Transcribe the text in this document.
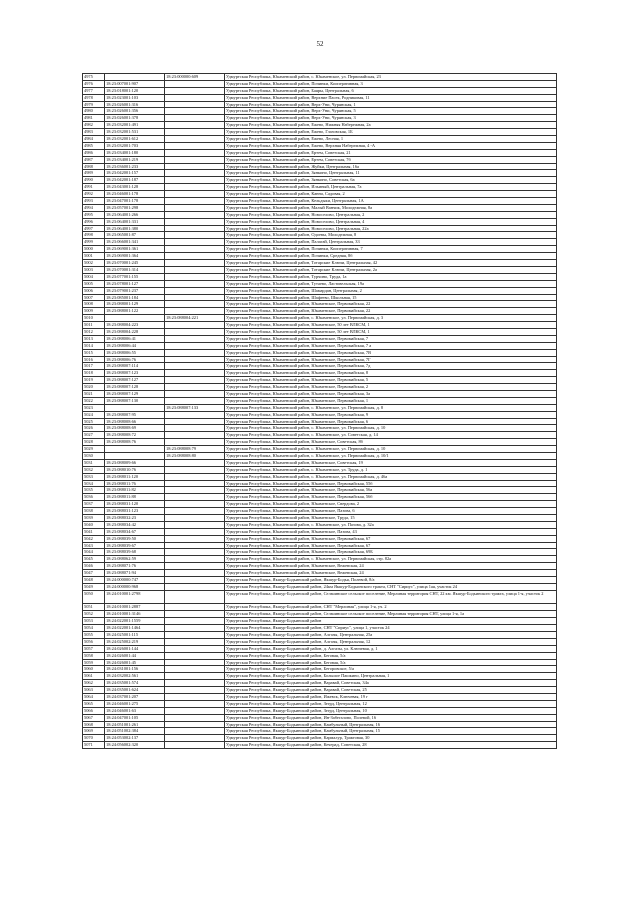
52
4975		18:23:000000:609	Удмуртская Республика, Юкаменский район, с. Юкаменское, ул. Первомайская, 23
4976	18:23:007001:907		Удмуртская Республика, Юкаменский район, Починки, Кооперативная, 3
4977	18:23:018001:120		Удмуртская Республика, Юкаменский район, Баяры, Центральная, 6
4978	18:23:023001:103		Удмуртская Республика, Юкаменский район, Верхние Пасек, Родниковая, 11
4979	18:23:026001:316		Удмуртская Республика, Юкаменский район, Верх-Уни, Чурянская, 1
4980	18:23:026001:356		Удмуртская Республика, Юкаменский район, Верх-Уни, Чурянская, 5
4981	18:23:026001:378		Удмуртская Республика, Юкаменский район, Верх-Уни, Чурянская, 3
4982	18:23:032001:491		Удмуртская Республика, Юкаменский район, Ежево, Нижняя Набережная, 2а
4983	18:23:032001:531		Удмуртская Республика, Юкаменский район, Ежево, Глазовская, 1Б
4984	18:23:032001:612		Удмуртская Республика, Юкаменский район, Ежево, Лесная, 1
4985	18:23:032001:703		Удмуртская Республика, Юкаменский район, Ежево, Верхняя Набережная, 4 -А
4986	18:23:034001:180		Удмуртская Республика, Юкаменский район, Ертем, Советская, 21
4987	18:23:034001:219		Удмуртская Республика, Юкаменский район, Ертем, Советская, 7б
4988	18:23:036001:233		Удмуртская Республика, Юкаменский район, Жуйки, Центральная, 16а
4989	18:23:042001:157		Удмуртская Республика, Юкаменский район, Зянкино, Центральная, 11
4990	18:23:042001:187		Удмуртская Республика, Юкаменский район, Зянкино, Советская, 6а
4991	18:23:043001:128		Удмуртская Республика, Юкаменский район, Ильиный, Центральная, 7а
4992	18:23:046001:178		Удмуртская Республика, Юкаменский район, Канна, Садовая, 2
4993	18:23:047001:178		Удмуртская Республика, Юкаменский район, Кельдыки, Центральная, 1А
4994	18:23:057001:298		Удмуртская Республика, Юкаменский район, Малый Ванчик, Молодежная, 8а
4995	18:23:064001:266		Удмуртская Республика, Юкаменский район, Новоселово, Центральная, 2
4996	18:23:064001:331		Удмуртская Республика, Юкаменский район, Новоселово, Центральная, 4
4997	18:23:064001:380		Удмуртская Республика, Юкаменский район, Новоселово, Центральная, 22а
4998	18:23:065001:87		Удмуртская Республика, Юкаменский район, Одоевы, Молодежная, 8
4999	18:23:066001:341		Удмуртская Республика, Юкаменский район, Палагай, Центральная, 33
5000	18:23:069001:361		Удмуртская Республика, Юкаменский район, Починки, Кооперативная, 7
5001	18:23:069001:364		Удмуртская Республика, Юкаменский район, Починки, Средняя, 8б
5002	18:23:070001:245		Удмуртская Республика, Юкаменский район, Тотарские Ключи, Центральная, 42
5003	18:23:070001:314		Удмуртская Республика, Юкаменский район, Тотарские Ключи, Центральная, 2а
5004	18:23:077001:155		Удмуртская Республика, Юкаменский район, Турчино, Труда, 1а
5005	18:23:078001:127		Удмуртская Республика, Юкаменский район, Тутаево, Ластовельская, 19а
5006	18:23:079001:237		Удмуртская Республика, Юкаменский район, Шамардан, Центральная, 2
5007	18:23:085001:184		Удмуртская Республика, Юкаменский район, Шафеево, Школьная, 15
5008	18:23:088001:129		Удмуртская Республика, Юкаменский район, Юкаменское, Первомайская, 22
5009	18:23:088001:122		Удмуртская Республика, Юкаменский район, Юкаменское, Первомайская, 22
5010		18:23:088004:221	Удмуртская Республика, Юкаменский район, с. Юкаменское, ул. Первомайская, д. 3
5011	18:23:088004:223		Удмуртская Республика, Юкаменский район, Юкаменское, 50 лет ВЛКСМ, 1
5012	18:23:088004:228		Удмуртская Республика, Юкаменский район, Юкаменское, 50 лет ВЛКСМ, 1
5013	18:23:088006:41		Удмуртская Республика, Юкаменский район, Юкаменское, Первомайская, 7
5014	18:23:088006:44		Удмуртская Республика, Юкаменский район, Юкаменское, Первомайская, 7 а
5015	18:23:088006:55		Удмуртская Республика, Юкаменский район, Юкаменское, Первомайская, 7В
5016	18:23:088006:76		Удмуртская Республика, Юкаменский район, Юкаменское, Первомайская, 7Г
5017	18:23:088007:114		Удмуртская Республика, Юкаменский район, Юкаменское, Первомайская, 7д
5018	18:23:088007:123		Удмуртская Республика, Юкаменский район, Юкаменское, Первомайская, 8
5019	18:23:088007:127		Удмуртская Республика, Юкаменский район, Юкаменское, Первомайская, 5
5020	18:23:088007:128		Удмуртская Республика, Юкаменский район, Юкаменское, Первомайская, 2
5021	18:23:088007:129		Удмуртская Республика, Юкаменский район, Юкаменское, Первомайская, 3а
5022	18:23:088007:130		Удмуртская Республика, Юкаменский район, Юкаменское, Первомайская, 1
5023		18:23:088007:133	Удмуртская Республика, Юкаменский район, с. Юкаменское, ул. Первомайская, д. 8
5024	18:23:088007:95		Удмуртская Республика, Юкаменский район, Юкаменское, Первомайская, 9
5025	18:23:088008:66		Удмуртская Республика, Юкаменский район, Юкаменское, Первомайская, 6
5026	18:23:088008:69		Удмуртская Республика, Юкаменский район, с. Юкаменское, ул. Первомайская, д. 10
5027	18:23:088008:72		Удмуртская Республика, Юкаменский район, с. Юкаменское, ул. Советская, д. 14
5028	18:23:088008:76		Удмуртская Республика, Юкаменский район, Юкаменское, Советская, 8б
5029		18:23:088008:79	Удмуртская Республика, Юкаменский район, с. Юкаменское, ул. Первомайская, д. 10
5030		18:23:088008:80	Удмуртская Республика, Юкаменский район, с. Юкаменское, ул. Первомайская, д. 10/1
5031	18:23:088009:66		Удмуртская Республика, Юкаменский район, Юкаменское, Советская, 19
5032	18:23:088010:76		Удмуртская Республика, Юкаменский район, с. Юкаменское, ул. Труда, д. 1
5033	18:23:088011:120		Удмуртская Республика, Юкаменский район, с. Юкаменское, ул. Первомайская, д. 46а
5034	18:23:088011:76		Удмуртская Республика, Юкаменский район, Юкаменское, Первомайская, 55б
5035	18:23:088011:82		Удмуртская Республика, Юкаменский район, Юкаменское, Первомайская, 56а
5036	18:23:088011:88		Удмуртская Республика, Юкаменский район, Юкаменское, Первомайская, 56б
5037	18:23:088031:120		Удмуртская Республика, Юкаменский район, Юкаменское, Свердова, 2
5038	18:23:088031:123		Удмуртская Республика, Юкаменский район, Юкаменское, Пазова, 6
5039	18:23:088032:23		Удмуртская Республика, Юкаменский район, Юкаменское, Труда, 15
5040	18:23:088034:42		Удмуртская Республика, Юкаменский район, с. Юкаменское, ул. Пазова, д. 32а
5041	18:23:088034:67		Удмуртская Республика, Юкаменский район, Юкаменское, Пазова, 43
5042	18:23:088039:50		Удмуртская Республика, Юкаменский район, Юкаменское, Первомайская, 67
5043	18:23:088039:67		Удмуртская Республика, Юкаменский район, Юкаменское, Первомайская, 67
5044	18:23:088039:68		Удмуртская Республика, Юкаменский район, Юкаменское, Первомайская, 69Б
5045	18:23:088062:59		Удмуртская Республика, Юкаменский район, с. Юкаменское, ул. Первомайская, стр. 82а
5046	18:23:088071:76		Удмуртская Республика, Юкаменский район, Юкаменское, Вежевская, 24
5047	18:23:088071:94		Удмуртская Республика, Юкаменский район, Юкаменское, Вежевская, 24
5048	18:24:000000:747		Удмуртская Республика, Якшур-Бодьинский район, Якшур-Бодья, Полевой, 8/а
5049	18:24:000000:968		Удмуртская Республика, Якшур-Бодьинский район, 24км Якшур-Бодьинского тракта, СНТ "Сириус", улица 1ая, участок 24
5050	18:24:010001:2798		Удмуртская Республика, Якшур-Бодьинский район, Сельчинское сельское поселение, Мерлиная территория СНТ, 22 км. Якшур-Бодьинского тракта, улица 1-я, участок 2
5051	18:24:010001:2887		Удмуртская Республика, Якшур-Бодьинский район, СНТ "Мерлиная", улица 1-я, уч. 2
5052	18:24:010001:3146		Удмуртская Республика, Якшур-Бодьинский район, Сельчинское сельское поселение, Мерлиная территория СНТ, улица 1-я, 1а
5053	18:24:022001:1559		Удмуртская Республика, Якшур-Бодьинский район
5054	18:24:022001:1464		Удмуртская Республика, Якшур-Бодьинский район, СНТ "Сириус", улица 1, участок 24
5055	18:24:025001:115		Удмуртская Республика, Якшур-Бодьинский район, Алгазы, Центральная, 25а
5056	18:24:025002:219		Удмуртская Республика, Якшур-Бодьинский район, Алгазы, Центральная, 12
5057	18:24:026001:144		Удмуртская Республика, Якшур-Бодьинский район, д. Алгазы, ул. Ключевая, д. 1
5058	18:24:026001:44		Удмуртская Республика, Якшур-Бодьинский район, Беговая, 5/а
5059	18:24:026001:45		Удмуртская Республика, Якшур-Бодьинский район, Беговая, 5/а
5060	18:24:031001:156		Удмуртская Республика, Якшур-Бодьинский район, Бегоровское, 5/а
5061	18:24:032002:561		Удмуртская Республика, Якшур-Бодьинский район, Большое Пашкино, Центральная, 1
5062	18:24:035001:574		Удмуртская Республика, Якшур-Бодьинский район, Варавай, Советская, 34а
5063	18:24:035001:624		Удмуртская Республика, Якшур-Бодьинский район, Варавай, Советская, 25
5064	18:24:037001:207		Удмуртская Республика, Якшур-Бодьинский район, Ижевск, Ключевая, 19 г
5065	18:24:046001:275		Удмуртская Республика, Якшур-Бодьинский район, Зегрд, Центральная, 12
5066	18:24:046001:63		Удмуртская Республика, Якшур-Бодьинский район, Зегрд, Центральная, 10
5067	18:24:047001:105		Удмуртская Республика, Якшур-Бодьинский район, Ин-Забегалово, Полевой, 16
5068	18:24:051001:261		Удмуртская Республика, Якшур-Бодьинский район, Камбульный, Центральная, 16
5069	18:24:051002:384		Удмуртская Республика, Якшур-Бодьинский район, Камбульный, Центральная, 15
5070	18:24:053002:137		Удмуртская Республика, Якшур-Бодьинский район, Кармалур, Трактовая, 30
5071	18:24:056002:320		Удмуртская Республика, Якшур-Бодьинский район, Кечерад, Советская, 28
